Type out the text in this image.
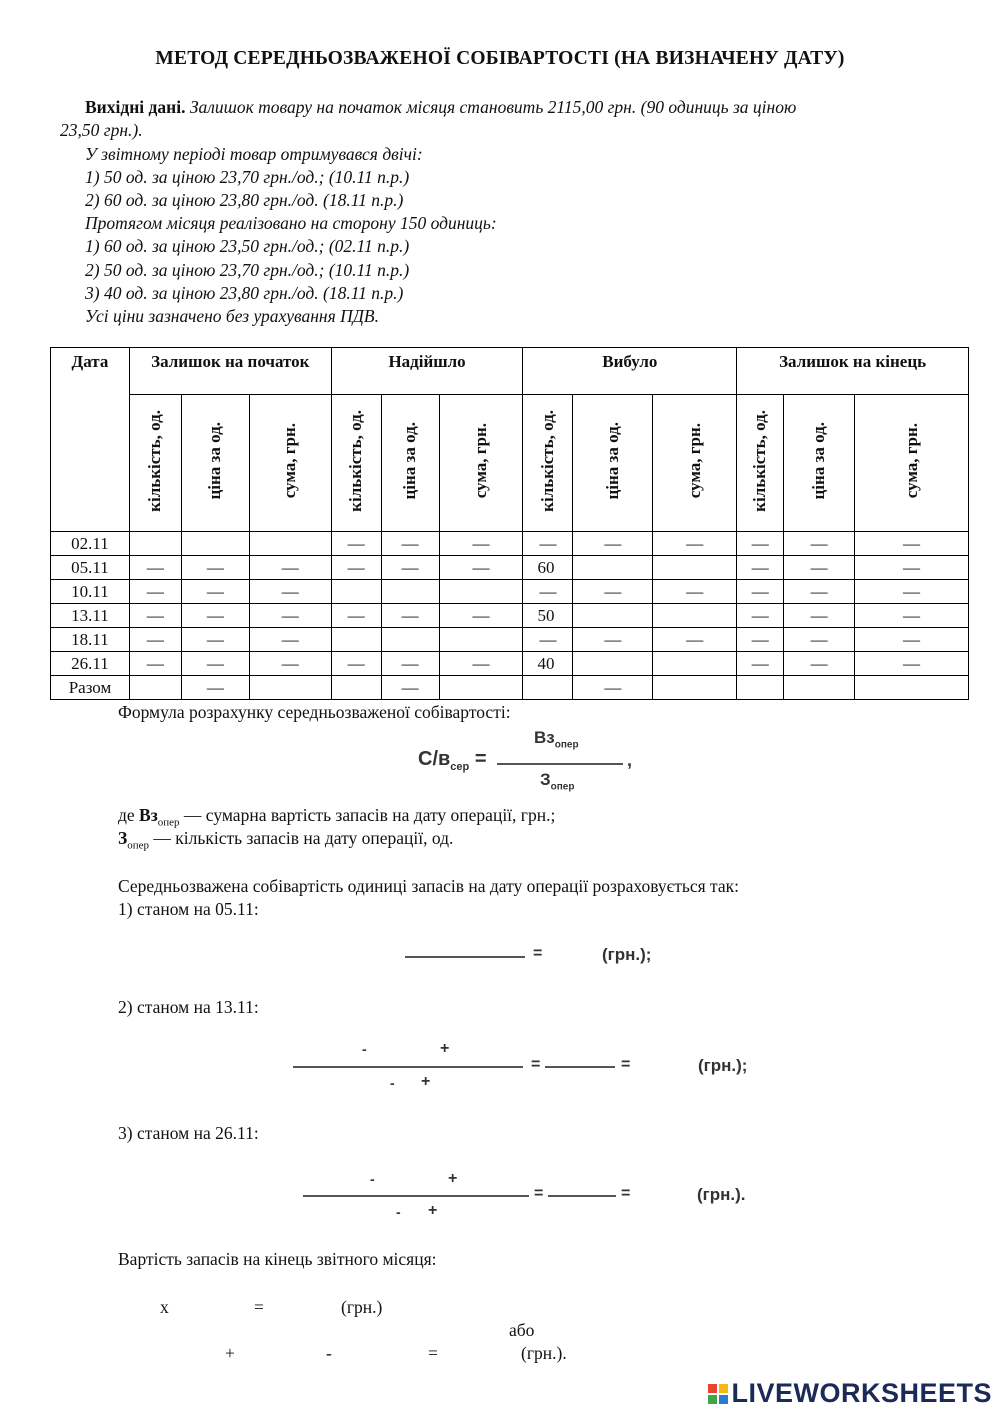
МЕТОД СЕРЕДНЬОЗВАЖЕНОЇ СОБІВАРТОСТІ (НА ВИЗНАЧЕНУ ДАТУ)
Вихідні дані. Залишок товару на початок місяця становить 2115,00 грн. (90 одиниць за ціною
23,50 грн.).
У звітному періоді товар отримувався двічі:
1) 50 од. за ціною 23,70 грн./од.; (10.11 п.р.)
2) 60 од. за ціною 23,80 грн./од. (18.11 п.р.)
Протягом місяця реалізовано на сторону 150 одиниць:
1) 60 од. за ціною 23,50 грн./од.; (02.11 п.р.)
2) 50 од. за ціною 23,70 грн./од.; (10.11 п.р.)
3) 40 од. за ціною 23,80 грн./од. (18.11 п.р.)
Усі ціни зазначено без урахування ПДВ.
Дата	Залишок на початок			Надійшло			Вибуло			Залишок на кінець		
	кількість, од.	ціна за од.	сума, грн.	кількість, од.	ціна за од.	сума, грн.	кількість, од.	ціна за од.	сума, грн.	кількість, од.	ціна за од.	сума, грн.
02.11				—	—	—	—	—	—	—	—	—
05.11	—	—	—	—	—	—	60			—	—	—
10.11	—	—	—				—	—	—	—	—	—
13.11	—	—	—	—	—	—	50			—	—	—
18.11	—	—	—				—	—	—	—	—	—
26.11	—	—	—	—	—	—	40			—	—	—
Разом		—			—			—				
Формула розрахунку середньозваженої собівартості:
$С/в_{сер}$ =
$Вз_{опер}$
$З_{опер}$
,
де $Вз_{опер}$ — сумарна вартість запасів на дату операції, грн.;
$З_{опер}$ — кількість запасів на дату операції, од.
Середньозважена собівартість одиниці запасів на дату операції розраховується так:
1) станом на 05.11:
=	(грн.);
2) станом на 13.11:
-	+
- +
=	=	(грн.);
3) станом на 26.11:
-	+
- +
=	=	(грн.).
Вартість запасів на кінець звітного місяця:
x	=	(грн.)
або
+	-	=	(грн.).
LIVEWORKSHEETS
